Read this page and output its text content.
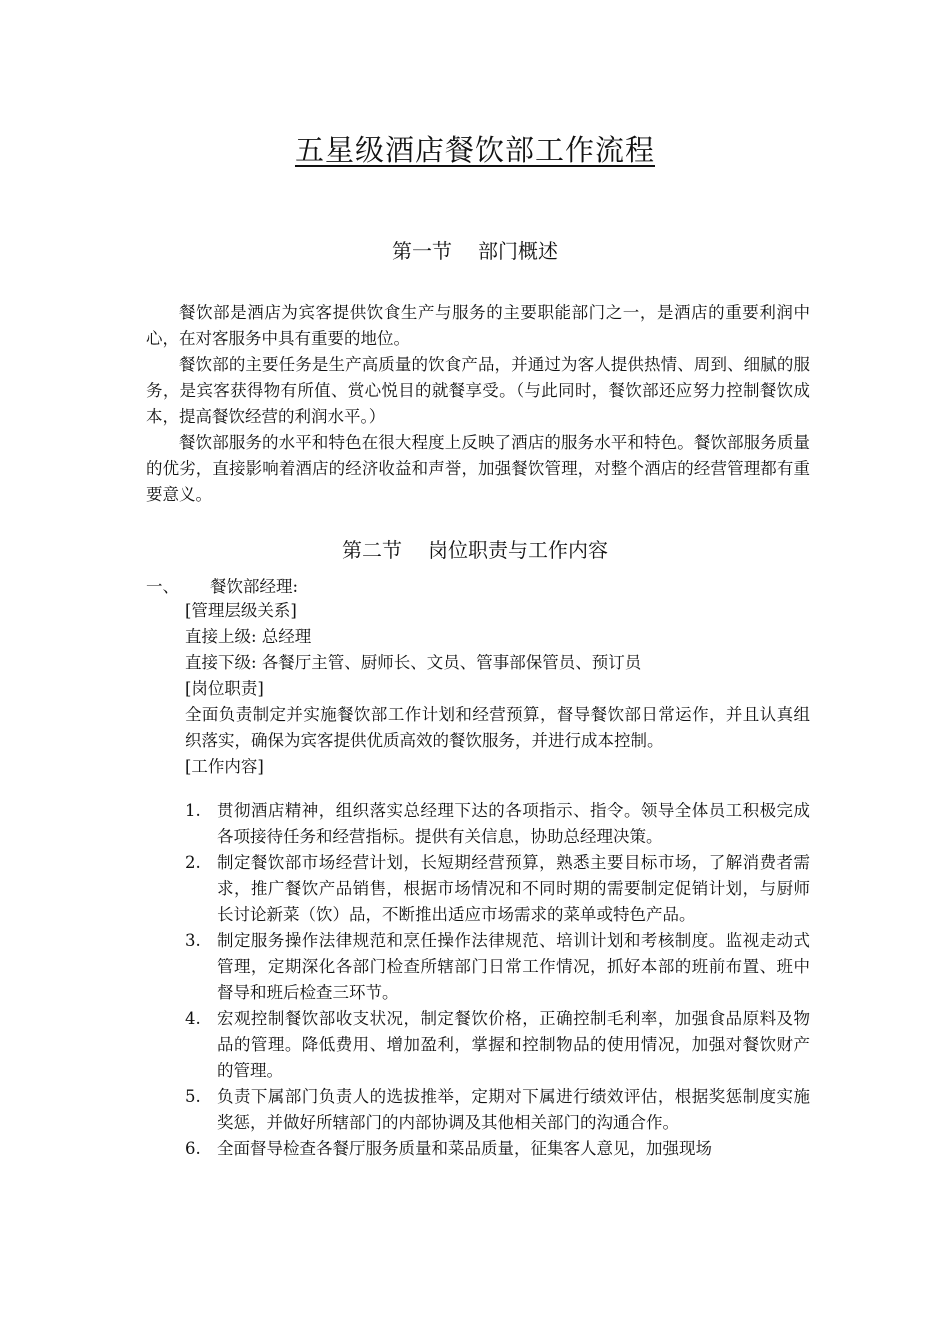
五星级酒店餐饮部工作流程
第一节 部门概述

餐饮部是酒店为宾客提供饮食生产与服务的主要职能部门之一，是酒店的重要利润中心，在对客服务中具有重要的地位。

餐饮部的主要任务是生产高质量的饮食产品，并通过为客人提供热情、周到、细腻的服务，是宾客获得物有所值、赏心悦目的就餐享受。（与此同时，餐饮部还应努力控制餐饮成本，提高餐饮经营的利润水平。）

餐饮部服务的水平和特色在很大程度上反映了酒店的服务水平和特色。餐饮部服务质量的优劣，直接影响着酒店的经济收益和声誉，加强餐饮管理，对整个酒店的经营管理都有重要意义。

第二节 岗位职责与工作内容
一、 餐饮部经理:

[管理层级关系]

直接上级: 总经理

直接下级: 各餐厅主管、厨师长、文员、管事部保管员、预订员

[岗位职责]

全面负责制定并实施餐饮部工作计划和经营预算，督导餐饮部日常运作，并且认真组织落实，确保为宾客提供优质高效的餐饮服务，并进行成本控制。

[工作内容]

1. 贯彻酒店精神，组织落实总经理下达的各项指示、指令。领导全体员工积极完成各项接待任务和经营指标。提供有关信息，协助总经理决策。
2. 制定餐饮部市场经营计划，长短期经营预算，熟悉主要目标市场，了解消费者需求，推广餐饮产品销售，根据市场情况和不同时期的需要制定促销计划，与厨师长讨论新菜（饮）品，不断推出适应市场需求的菜单或特色产品。
3. 制定服务操作法律规范和烹任操作法律规范、培训计划和考核制度。监视走动式管理，定期深化各部门检查所辖部门日常工作情况，抓好本部的班前布置、班中督导和班后检查三环节。
4. 宏观控制餐饮部收支状况，制定餐饮价格，正确控制毛利率，加强食品原料及物品的管理。降低费用、增加盈利，掌握和控制物品的使用情况，加强对餐饮财产的管理。
5. 负责下属部门负责人的选拔推举，定期对下属进行绩效评估，根据奖惩制度实施奖惩，并做好所辖部门的内部协调及其他相关部门的沟通合作。
6. 全面督导检查各餐厅服务质量和菜品质量，征集客人意见，加强现场
